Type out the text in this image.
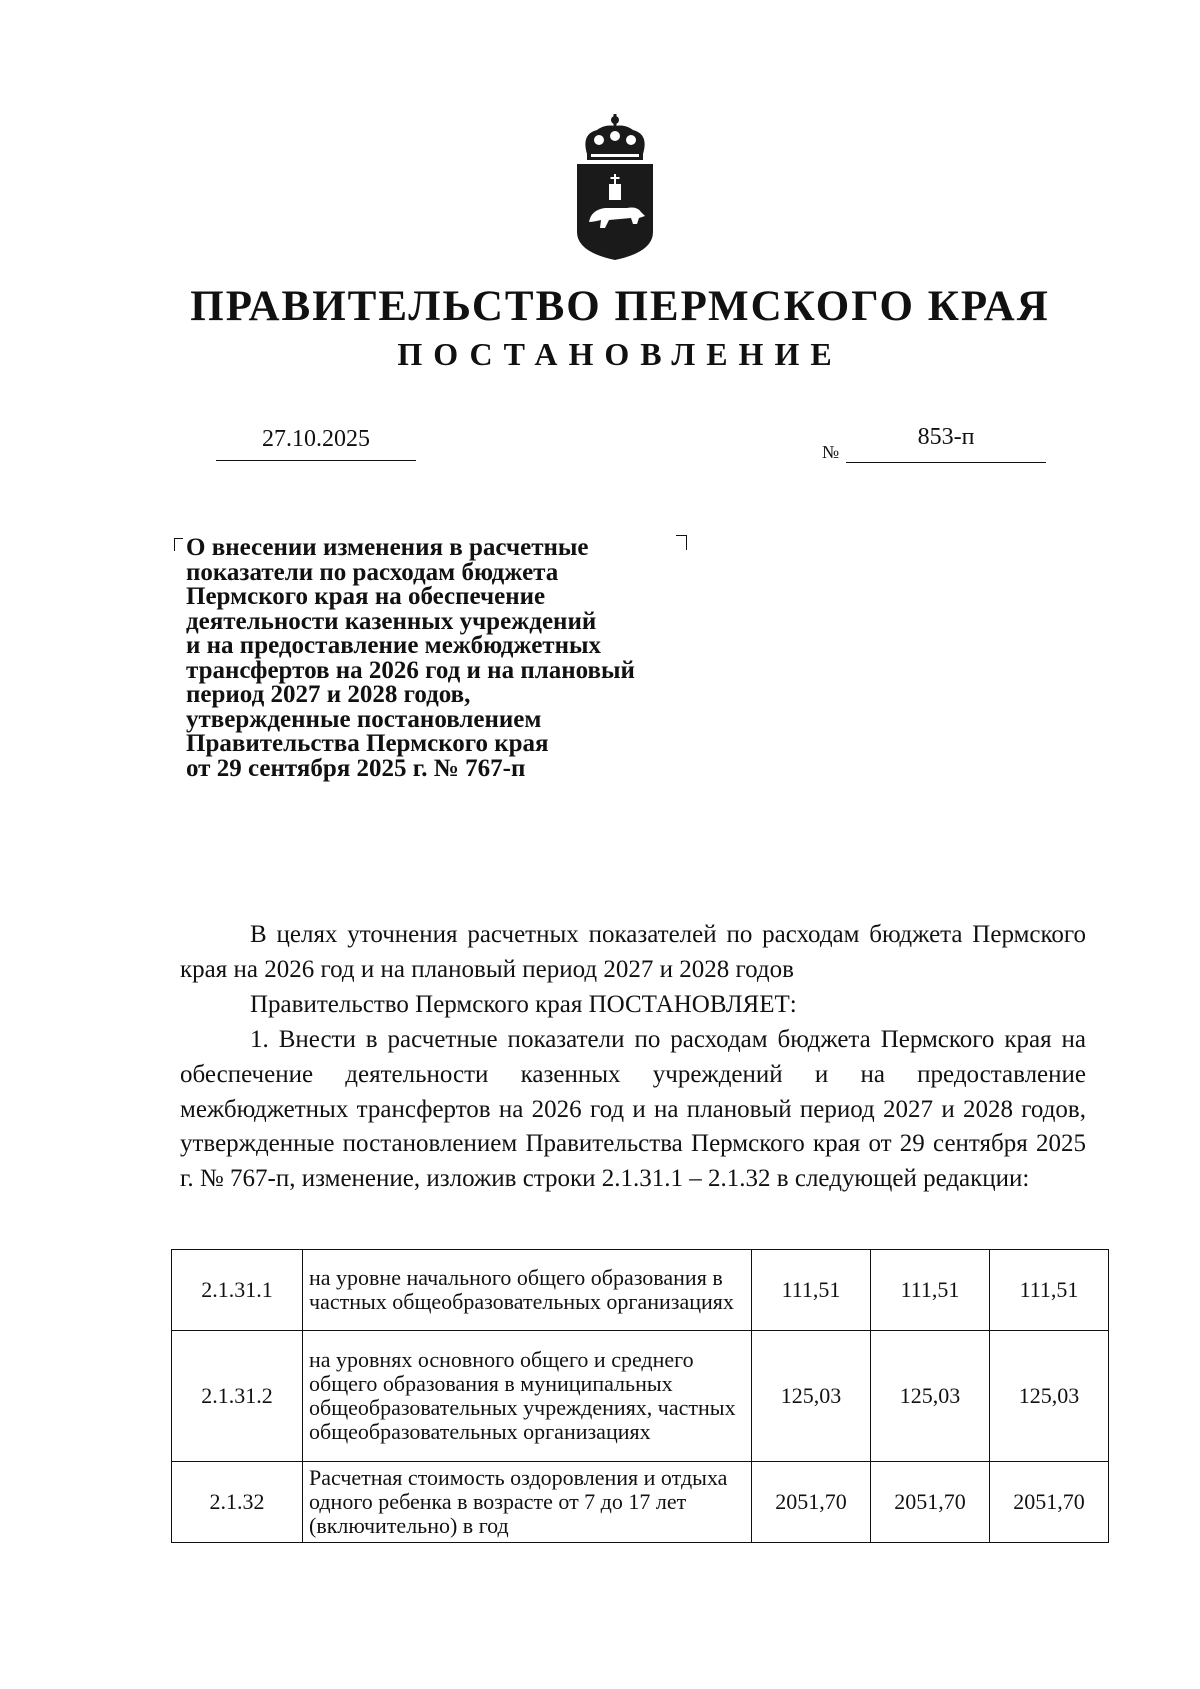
ПРАВИТЕЛЬСТВО ПЕРМСКОГО КРАЯ
ПОСТАНОВЛЕНИЕ
27.10.2025	№
853-п
О внесении изменения в расчетные
показатели по расходам бюджета
Пермского края на обеспечение
деятельности казенных учреждений
и на предоставление межбюджетных
трансфертов на 2026 год и на плановый
период 2027 и 2028 годов,
утвержденные постановлением
Правительства Пермского края
от 29 сентября 2025 г. № 767-п
В целях уточнения расчетных показателей по расходам бюджета Пермского края на 2026 год и на плановый период 2027 и 2028 годов
Правительство Пермского края ПОСТАНОВЛЯЕТ:
1. Внести в расчетные показатели по расходам бюджета Пермского края на обеспечение деятельности казенных учреждений и на предоставление межбюджетных трансфертов на 2026 год и на плановый период 2027 и 2028 годов, утвержденные постановлением Правительства Пермского края от 29 сентября 2025 г. № 767-п, изменение, изложив строки 2.1.31.1 – 2.1.32 в следующей редакции:
2.1.31.1	на уровне начального общего образования в частных общеобразовательных организациях	111,51	111,51	111,51
2.1.31.2	на уровнях основного общего и среднего общего образования в муниципальных общеобразовательных учреждениях, частных общеобразовательных организациях	125,03	125,03	125,03
2.1.32	Расчетная стоимость оздоровления и отдыха одного ребенка в возрасте от 7 до 17 лет (включительно) в год	2051,70	2051,70	2051,70
